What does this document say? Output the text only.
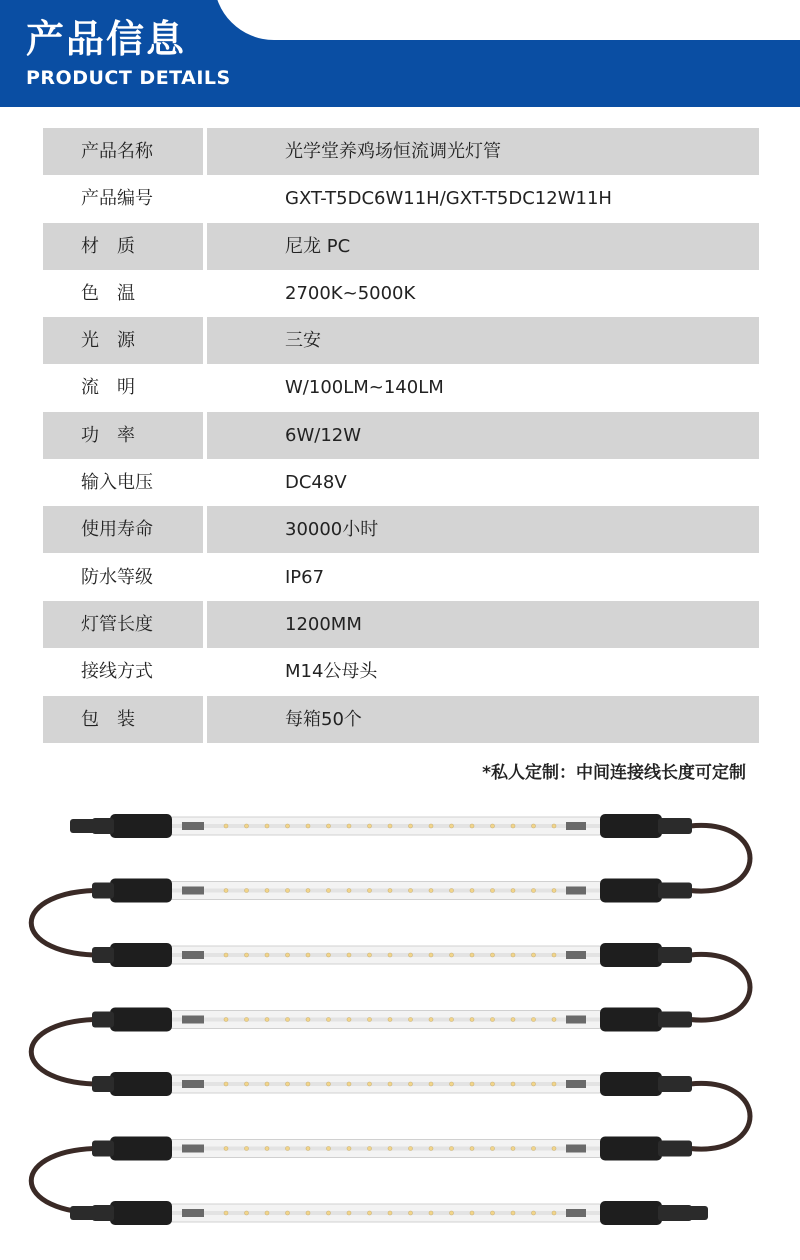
产品信息
PRODUCT DETAILS
产品名称	光学堂养鸡场恒流调光灯管
产品编号	GXT-T5DC6W11H/GXT-T5DC12W11H
材　质	尼龙 PC
色　温	2700K~5000K
光　源	三安
流　明	W/100LM~140LM
功　率	6W/12W
输入电压	DC48V
使用寿命	30000小时
防水等级	IP67
灯管长度	1200MM
接线方式	M14公母头
包　装	每箱50个
*私人定制：中间连接线长度可定制
